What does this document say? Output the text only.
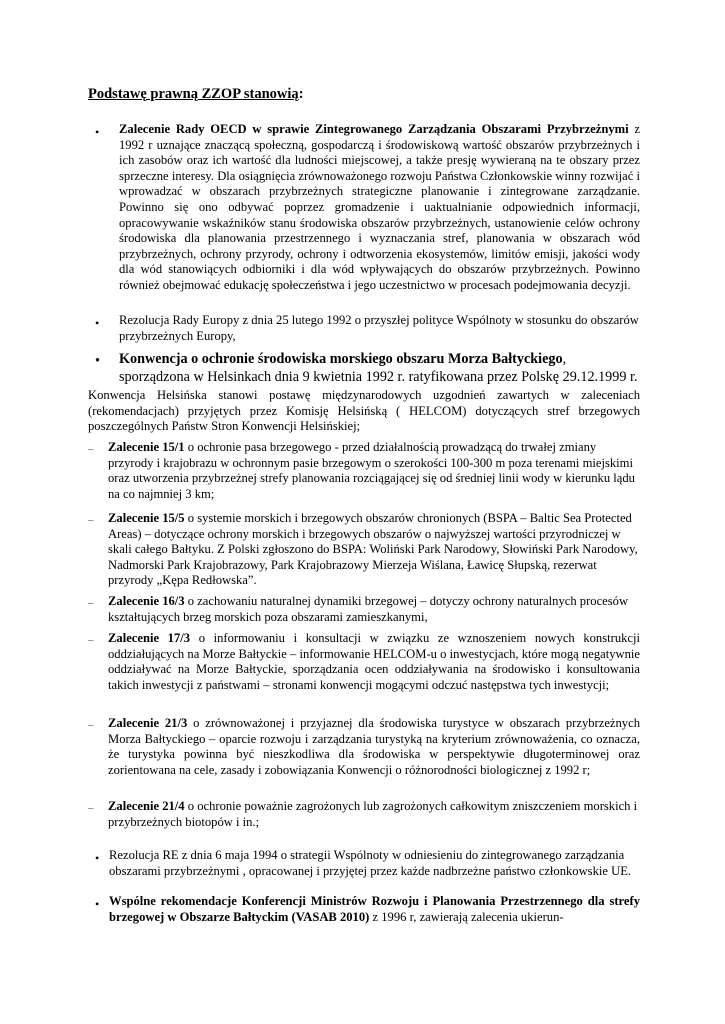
Podstawę prawną ZZOP stanowią:
• Zalecenie Rady OECD w sprawie Zintegrowanego Zarządzania Obszarami Przybrzeżnymi z 1992 r uznające znaczącą społeczną, gospodarczą i środowiskową wartość obszarów przybrzeżnych i ich zasobów oraz ich wartość dla ludności miejscowej, a także presję wywieraną na te obszary przez sprzeczne interesy. Dla osiągnięcia zrównoważonego rozwoju Państwa Członkowskie winny rozwijać i wprowadzać w obszarach przybrzeżnych strategiczne planowanie i zintegrowane zarządzanie. Powinno się ono odbywać poprzez gromadzenie i uaktualnianie odpowiednich informacji, opracowywanie wskaźników stanu środowiska obszarów przybrzeżnych, ustanowienie celów ochrony środowiska dla planowania przestrzennego i wyznaczania stref, planowania w obszarach wód przybrzeżnych, ochrony przyrody, ochrony i odtworzenia ekosystemów, limitów emisji, jakości wody dla wód stanowiących odbiorniki i dla wód wpływających do obszarów przybrzeżnych. Powinno również obejmować edukację społeczeństwa i jego uczestnictwo w procesach podejmowania decyzji.
• Rezolucja Rady Europy z dnia 25 lutego 1992 o przyszłej polityce Wspólnoty w stosunku do obszarów przybrzeżnych Europy,
• Konwencja o ochronie środowiska morskiego obszaru Morza Bałtyckiego, sporządzona w Helsinkach dnia 9 kwietnia 1992 r. ratyfikowana przez Polskę 29.12.1999 r.
Konwencja Helsińska stanowi postawę międzynarodowych uzgodnień zawartych w zaleceniach (rekomendacjach) przyjętych przez Komisję Helsińską ( HELCOM) dotyczących stref brzegowych poszczególnych Państw Stron Konwencji Helsińskiej;
– Zalecenie 15/1 o ochronie pasa brzegowego - przed działalnością prowadzącą do trwałej zmiany przyrody i krajobrazu w ochronnym pasie brzegowym o szerokości 100-300 m poza terenami miejskimi oraz utworzenia przybrzeżnej strefy planowania rozciągającej się od średniej linii wody w kierunku lądu na co najmniej 3 km;
– Zalecenie 15/5 o systemie morskich i brzegowych obszarów chronionych (BSPA – Baltic Sea Protected Areas) – dotyczące ochrony morskich i brzegowych obszarów o najwyższej wartości przyrodniczej w skali całego Bałtyku. Z Polski zgłoszono do BSPA: Woliński Park Narodowy, Słowiński Park Narodowy, Nadmorski Park Krajobrazowy, Park Krajobrazowy Mierzeja Wiślana, Ławicę Słupską, rezerwat przyrody „Kępa Redłowska”.
– Zalecenie 16/3 o zachowaniu naturalnej dynamiki brzegowej – dotyczy ochrony naturalnych procesów kształtujących brzeg morskich poza obszarami zamieszkanymi,
– Zalecenie 17/3 o informowaniu i konsultacji w związku ze wznoszeniem nowych konstrukcji oddziałujących na Morze Bałtyckie – informowanie HELCOM-u o inwestycjach, które mogą negatywnie oddziaływać na Morze Bałtyckie, sporządzania ocen oddziaływania na środowisko i konsultowania takich inwestycji z państwami – stronami konwencji mogącymi odczuć następstwa tych inwestycji;
– Zalecenie 21/3 o zrównoważonej i przyjaznej dla środowiska turystyce w obszarach przybrzeżnych Morza Bałtyckiego – oparcie rozwoju i zarządzania turystyką na kryterium zrównoważenia, co oznacza, że turystyka powinna być nieszkodliwa dla środowiska w perspektywie długoterminowej oraz zorientowana na cele, zasady i zobowiązania Konwencji o różnorodności biologicznej z 1992 r;
– Zalecenie 21/4 o ochronie poważnie zagrożonych lub zagrożonych całkowitym zniszczeniem morskich i przybrzeżnych biotopów i in.;
• Rezolucja RE z dnia 6 maja 1994 o strategii Wspólnoty w odniesieniu do zintegrowanego zarządzania obszarami przybrzeżnymi , opracowanej i przyjętej przez każde nadbrzeżne państwo członkowskie UE.
• Wspólne rekomendacje Konferencji Ministrów Rozwoju i Planowania Przestrzennego dla strefy brzegowej w Obszarze Bałtyckim (VASAB 2010) z 1996 r, zawierają zalecenia ukierun-
